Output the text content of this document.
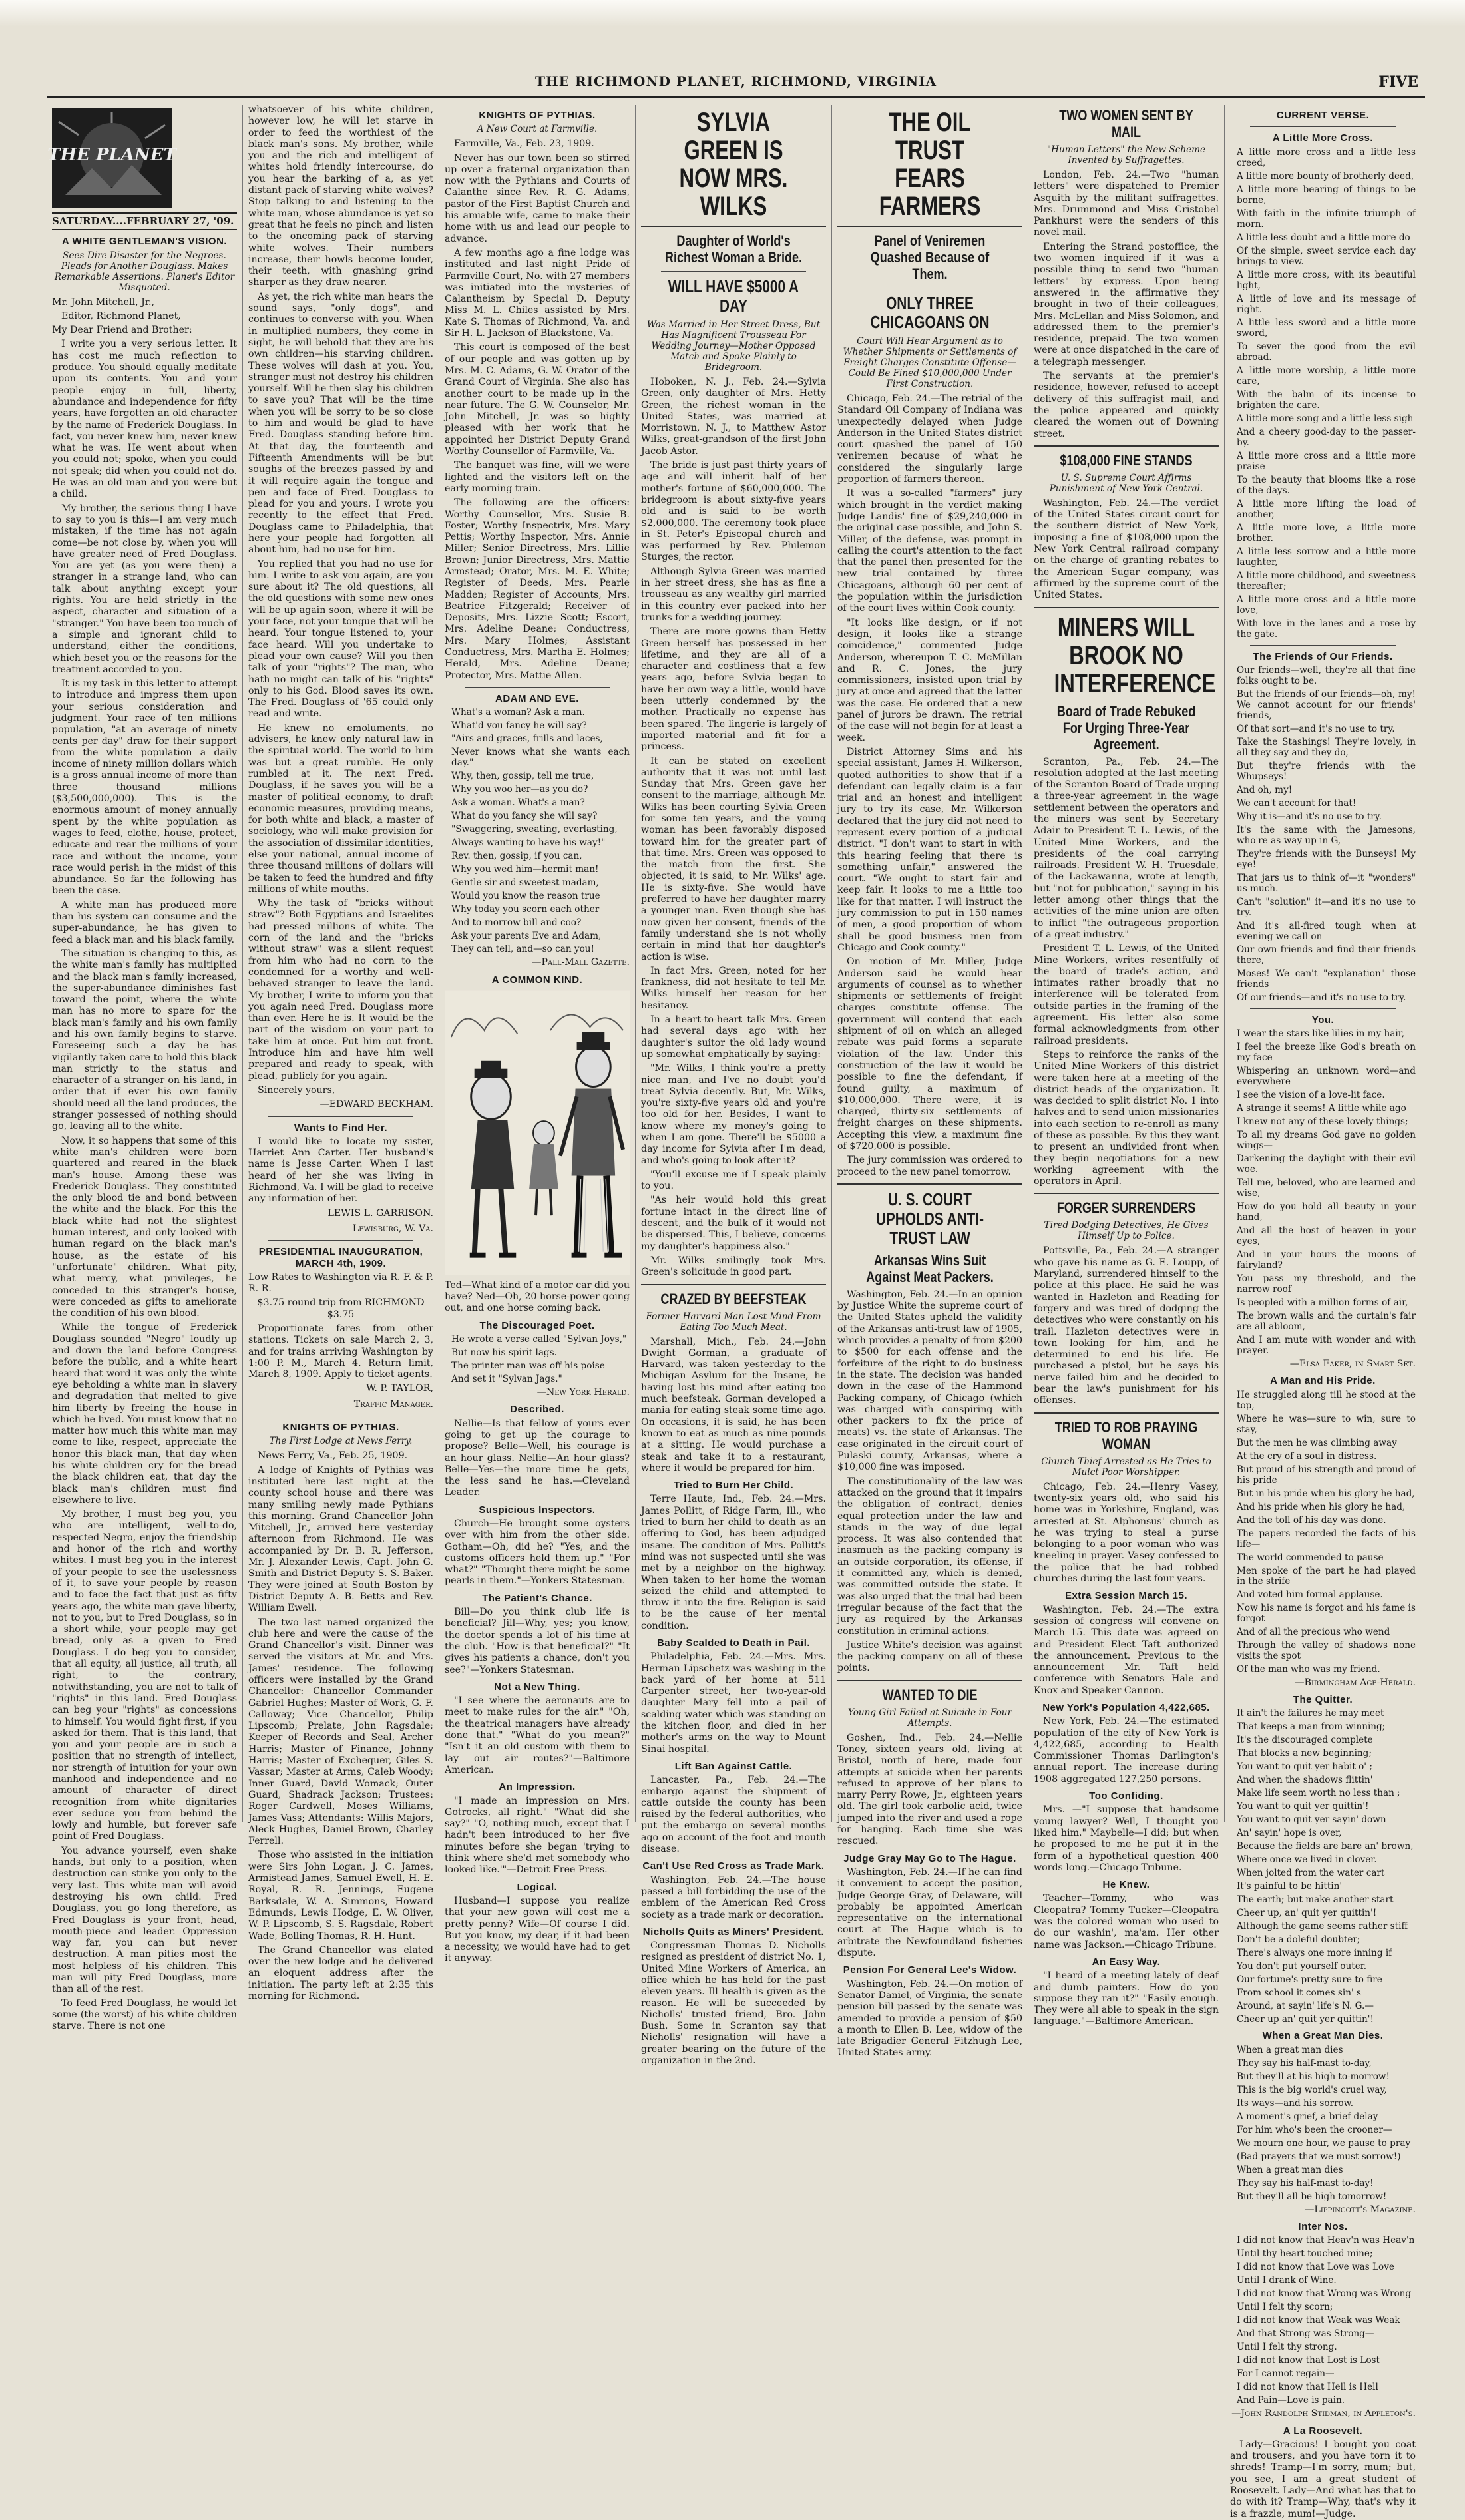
THE RICHMOND PLANET, RICHMOND, VIRGINIA	FIVE
THE PLANET
SATURDAY....FEBRUARY 27, '09.
A WHITE GENTLEMAN'S VISION.
Sees Dire Disaster for the Negroes. Pleads for Another Douglass. Makes Remarkable Assertions. Planet's Editor Misquoted.

Mr. John Mitchell, Jr.,

Editor, Richmond Planet,

My Dear Friend and Brother:

I write you a very serious letter. It has cost me much reflection to produce. You should equally meditate upon its contents. You and your people enjoy in full, liberty, abundance and independence for fifty years, have forgotten an old character by the name of Frederick Douglass. In fact, you never knew him, never knew what he was. He went about when you could not; spoke, when you could not speak; did when you could not do. He was an old man and you were but a child.

My brother, the serious thing I have to say to you is this—I am very much mistaken, if the time has not again come—be not close by, when you will have greater need of Fred Douglass. You are yet (as you were then) a stranger in a strange land, who can talk about anything except your rights. You are held strictly in the aspect, character and situation of a "stranger." You have been too much of a simple and ignorant child to understand, either the conditions, which beset you or the reasons for the treatment accorded to you.

It is my task in this letter to attempt to introduce and impress them upon your serious consideration and judgment. Your race of ten millions population, "at an average of ninety cents per day" draw for their support from the white population a daily income of ninety million dollars which is a gross annual income of more than three thousand millions ($3,500,000,000). This is the enormous amount of money annually spent by the white population as wages to feed, clothe, house, protect, educate and rear the millions of your race and without the income, your race would perish in the midst of this abundance. So far the following has been the case.

A white man has produced more than his system can consume and the super-abundance, he has given to feed a black man and his black family.

The situation is changing to this, as the white man's family has multiplied and the black man's family increased, the super-abundance diminishes fast toward the point, where the white man has no more to spare for the black man's family and his own family and his own family begins to starve. Foreseeing such a day he has vigilantly taken care to hold this black man strictly to the status and character of a stranger on his land, in order that if ever his own family should need all the land produces, the stranger possessed of nothing should go, leaving all to the white.

Now, it so happens that some of this white man's children were born quartered and reared in the black man's house. Among these was Frederick Douglass. They constituted the only blood tie and bond between the white and the black. For this the black white had not the slightest human interest, and only looked with human regard on the black man's house, as the estate of his "unfortunate" children. What pity, what mercy, what privileges, he conceded to this stranger's house, were conceded as gifts to ameliorate the condition of his own blood.

While the tongue of Frederick Douglass sounded "Negro" loudly up and down the land before Congress before the public, and a white heart heard that word it was only the white eye beholding a white man in slavery and degradation that melted to give him liberty by freeing the house in which he lived. You must know that no matter how much this white man may come to like, respect, appreciate the honor this black man, that day when his white children cry for the bread the black children eat, that day the black man's children must find elsewhere to live.

My brother, I must beg you, you who are intelligent, well-to-do, respected Negro, enjoy the friendship and honor of the rich and worthy whites. I must beg you in the interest of your people to see the uselessness of it, to save your people by reason and to face the fact that just as fifty years ago, the white man gave liberty, not to you, but to Fred Douglass, so in a short while, your people may get bread, only as a given to Fred Douglass. I do beg you to consider, that all equity, all justice, all truth, all right, to the contrary, notwithstanding, you are not to talk of "rights" in this land. Fred Douglass can beg your "rights" as concessions to himself. You would fight first, if you asked for them. That is this land, that you and your people are in such a position that no strength of intellect, nor strength of intuition for your own manhood and independence and no amount of character of direct recognition from white dignitaries ever seduce you from behind the lowly and humble, but forever safe point of Fred Douglass.

You advance yourself, even shake hands, but only to a position, when destruction can strike you only to the very last. This white man will avoid destroying his own child. Fred Douglass, you go long therefore, as Fred Douglass is your front, head, mouth-piece and leader. Oppression way far, you can but never destruction. A man pities most the most helpless of his children. This man will pity Fred Douglass, more than all of the rest.

To feed Fred Douglass, he would let some (the worst) of his white children starve. There is not one

whatsoever of his white children, however low, he will let starve in order to feed the worthiest of the black man's sons. My brother, while you and the rich and intelligent of whites hold friendly intercourse, do you hear the barking of a, as yet distant pack of starving white wolves? Stop talking to and listening to the white man, whose abundance is yet so great that he feels no pinch and listen to the oncoming pack of starving white wolves. Their numbers increase, their howls become louder, their teeth, with gnashing grind sharper as they draw nearer.

As yet, the rich white man hears the sound says, "only dogs", and continues to converse with you. When in multiplied numbers, they come in sight, he will behold that they are his own children—his starving children. These wolves will dash at you. You, stranger must not destroy his children yourself. Will he then slay his children to save you? That will be the time when you will be sorry to be so close to him and would be glad to have Fred. Douglass standing before him. At that day, the fourteenth and Fifteenth Amendments will be but soughs of the breezes passed by and it will require again the tongue and pen and face of Fred. Douglass to plead for you and yours. I wrote you recently to the effect that Fred. Douglass came to Philadelphia, that here your people had forgotten all about him, had no use for him.

You replied that you had no use for him. I write to ask you again, are you sure about it? The old questions, all the old questions with some new ones will be up again soon, where it will be your face, not your tongue that will be heard. Your tongue listened to, your face heard. Will you undertake to plead your own cause? Will you then talk of your "rights"? The man, who hath no might can talk of his "rights" only to his God. Blood saves its own. The Fred. Douglass of '65 could only read and write.

He knew no emoluments, no advisers, he knew only natural law in the spiritual world. The world to him was but a great rumble. He only rumbled at it. The next Fred. Douglass, if he saves you will be a master of political economy, to draft economic measures, providing means, for both white and black, a master of sociology, who will make provision for the association of dissimilar identities, else your national, annual income of three thousand millions of dollars will be taken to feed the hundred and fifty millions of white mouths.

Why the task of "bricks without straw"? Both Egyptians and Israelites had pressed millions of white. The corn of the land and the "bricks without straw" was a silent request from him who had no corn to the condemned for a worthy and well-behaved stranger to leave the land. My brother, I write to inform you that you again need Fred. Douglass more than ever. Here he is. It would be the part of the wisdom on your part to take him at once. Put him out front. Introduce him and have him well prepared and ready to speak, with plead, publicly for you again.

Sincerely yours,

—EDWARD BECKHAM.
Wants to Find Her.

I would like to locate my sister, Harriet Ann Carter. Her husband's name is Jesse Carter. When I last heard of her she was living in Richmond, Va. I will be glad to receive any information of her.

LEWIS L. GARRISON.
Lewisburg, W. Va.
PRESIDENTIAL INAUGURATION, MARCH 4th, 1909.

Low Rates to Washington via R. F. & P. R. R.

$3.75 round trip from RICHMOND $3.75

Proportionate fares from other stations. Tickets on sale March 2, 3, and for trains arriving Washington by 1:00 P. M., March 4. Return limit, March 8, 1909. Apply to ticket agents.

W. P. TAYLOR,
Traffic Manager.
KNIGHTS OF PYTHIAS.
The First Lodge at News Ferry.

News Ferry, Va., Feb. 25, 1909.

A lodge of Knights of Pythias was instituted here last night at the county school house and there was many smiling newly made Pythians this morning. Grand Chancellor John Mitchell, Jr., arrived here yesterday afternoon from Richmond. He was accompanied by Dr. B. R. Jefferson, Mr. J. Alexander Lewis, Capt. John G. Smith and District Deputy S. S. Baker. They were joined at South Boston by District Deputy A. B. Betts and Rev. William Ewell.

The two last named organized the club here and were the cause of the Grand Chancellor's visit. Dinner was served the visitors at Mr. and Mrs. James' residence. The following officers were installed by the Grand Chancellor: Chancellor Commander Gabriel Hughes; Master of Work, G. F. Calloway; Vice Chancellor, Philip Lipscomb; Prelate, John Ragsdale; Keeper of Records and Seal, Archer Harris; Master of Finance, Johnny Harris; Master of Exchequer, Giles S. Vassar; Master at Arms, Caleb Woody; Inner Guard, David Womack; Outer Guard, Shadrack Jackson; Trustees: Roger Cardwell, Moses Williams, James Vass; Attendants: Willis Majors, Aleck Hughes, Daniel Brown, Charley Ferrell.

Those who assisted in the initiation were Sirs John Logan, J. C. James, Armistead James, Samuel Ewell, H. E. Royal, R. R. Jennings, Eugene Barksdale, W. A. Simmons, Howard Edmunds, Lewis Hodge, E. W. Oliver, W. P. Lipscomb, S. S. Ragsdale, Robert Wade, Bolling Thomas, R. H. Hunt.

The Grand Chancellor was elated over the new lodge and he delivered an eloquent address after the initiation. The party left at 2:35 this morning for Richmond.

KNIGHTS OF PYTHIAS.
A New Court at Farmville.

Farmville, Va., Feb. 23, 1909.

Never has our town been so stirred up over a fraternal organization than now with the Pythians and Courts of Calanthe since Rev. R. G. Adams, pastor of the First Baptist Church and his amiable wife, came to make their home with us and lead our people to advance.

A few months ago a fine lodge was instituted and last night Pride of Farmville Court, No. with 27 members was initiated into the mysteries of Calantheism by Special D. Deputy Miss M. L. Chiles assisted by Mrs. Kate S. Thomas of Richmond, Va. and Sir H. L. Jackson of Blackstone, Va.

This court is composed of the best of our people and was gotten up by Mrs. M. C. Adams, G. W. Orator of the Grand Court of Virginia. She also has another court to be made up in the near future. The G. W. Counselor, Mr. John Mitchell, Jr. was so highly pleased with her work that he appointed her District Deputy Grand Worthy Counsellor of Farmville, Va.

The banquet was fine, will we were lighted and the visitors left on the early morning train.

The following are the officers: Worthy Counsellor, Mrs. Susie B. Foster; Worthy Inspectrix, Mrs. Mary Pettis; Worthy Inspector, Mrs. Annie Miller; Senior Directress, Mrs. Lillie Brown; Junior Directress, Mrs. Mattie Armstead; Orator, Mrs. M. E. White; Register of Deeds, Mrs. Pearle Madden; Register of Accounts, Mrs. Beatrice Fitzgerald; Receiver of Deposits, Mrs. Lizzie Scott; Escort, Mrs. Adeline Deane; Conductress, Mrs. Mary Holmes; Assistant Conductress, Mrs. Martha E. Holmes; Herald, Mrs. Adeline Deane; Protector, Mrs. Mattie Allen.

ADAM AND EVE.

What's a woman? Ask a man.

What'd you fancy he will say?

"Airs and graces, frills and laces,

Never knows what she wants each day."

Why, then, gossip, tell me true,

Why you woo her—as you do?

Ask a woman. What's a man?

What do you fancy she will say?

"Swaggering, sweating, everlasting,

Always wanting to have his way!"

Rev. then, gossip, if you can,

Why you wed him—hermit man!

Gentle sir and sweetest madam,

Would you know the reason true

Why today you scorn each other

And to-morrow bill and coo?

Ask your parents Eve and Adam,

They can tell, and—so can you!

—Pall-Mall Gazette.
A COMMON KIND.

Ted—What kind of a motor car did you have? Ned—Oh, 20 horse-power going out, and one horse coming back.

The Discouraged Poet.

He wrote a verse called "Sylvan Joys,"

But now his spirit lags.

The printer man was off his poise

And set it "Sylvan Jags."

—New York Herald.
Described.

Nellie—Is that fellow of yours ever going to get up the courage to propose? Belle—Well, his courage is an hour glass. Nellie—An hour glass? Belle—Yes—the more time he gets, the less sand he has.—Cleveland Leader.

Suspicious Inspectors.

Church—He brought some oysters over with him from the other side. Gotham—Oh, did he? "Yes, and the customs officers held them up." "For what?" "Thought there might be some pearls in them."—Yonkers Statesman.

The Patient's Chance.

Bill—Do you think club life is beneficial? Jill—Why, yes; you know, the doctor spends a lot of his time at the club. "How is that beneficial?" "It gives his patients a chance, don't you see?"—Yonkers Statesman.

Not a New Thing.

"I see where the aeronauts are to meet to make rules for the air." "Oh, the theatrical managers have already done that." "What do you mean?" "Isn't it an old custom with them to lay out air routes?"—Baltimore American.

An Impression.

"I made an impression on Mrs. Gotrocks, all right." "What did she say?" "O, nothing much, except that I hadn't been introduced to her five minutes before she began 'trying to think where she'd met somebody who looked like.'"—Detroit Free Press.

Logical.

Husband—I suppose you realize that your new gown will cost me a pretty penny? Wife—Of course I did. But you know, my dear, if it had been a necessity, we would have had to get it anyway.

SYLVIA GREEN IS NOW MRS. WILKS
Daughter of World's Richest Woman a Bride.
WILL HAVE $5000 A DAY
Was Married in Her Street Dress, But Has Magnificent Trousseau For Wedding Journey—Mother Opposed Match and Spoke Plainly to Bridegroom.

Hoboken, N. J., Feb. 24.—Sylvia Green, only daughter of Mrs. Hetty Green, the richest woman in the United States, was married at Morristown, N. J., to Matthew Astor Wilks, great-grandson of the first John Jacob Astor.

The bride is just past thirty years of age and will inherit half of her mother's fortune of $60,000,000. The bridegroom is about sixty-five years old and is said to be worth $2,000,000. The ceremony took place in St. Peter's Episcopal church and was performed by Rev. Philemon Sturges, the rector.

Although Sylvia Green was married in her street dress, she has as fine a trousseau as any wealthy girl married in this country ever packed into her trunks for a wedding journey.

There are more gowns than Hetty Green herself has possessed in her lifetime, and they are all of a character and costliness that a few years ago, before Sylvia began to have her own way a little, would have been utterly condemned by the mother. Practically no expense has been spared. The lingerie is largely of imported material and fit for a princess.

It can be stated on excellent authority that it was not until last Sunday that Mrs. Green gave her consent to the marriage, although Mr. Wilks has been courting Sylvia Green for some ten years, and the young woman has been favorably disposed toward him for the greater part of that time. Mrs. Green was opposed to the match from the first. She objected, it is said, to Mr. Wilks' age. He is sixty-five. She would have preferred to have her daughter marry a younger man. Even though she has now given her consent, friends of the family understand she is not wholly certain in mind that her daughter's action is wise.

In fact Mrs. Green, noted for her frankness, did not hesitate to tell Mr. Wilks himself her reason for her hesitancy.

In a heart-to-heart talk Mrs. Green had several days ago with her daughter's suitor the old lady wound up somewhat emphatically by saying:

"Mr. Wilks, I think you're a pretty nice man, and I've no doubt you'd treat Sylvia decently. But, Mr. Wilks, you're sixty-five years old and you're too old for her. Besides, I want to know where my money's going to when I am gone. There'll be $5000 a day income for Sylvia after I'm dead, and who's going to look after it?

"You'll excuse me if I speak plainly to you.

"As heir would hold this great fortune intact in the direct line of descent, and the bulk of it would not be dispersed. This, I believe, concerns my daughter's happiness also."

Mr. Wilks smilingly took Mrs. Green's solicitude in good part.

CRAZED BY BEEFSTEAK
Former Harvard Man Lost Mind From Eating Too Much Meat.

Marshall, Mich., Feb. 24.—John Dwight Gorman, a graduate of Harvard, was taken yesterday to the Michigan Asylum for the Insane, he having lost his mind after eating too much beefsteak. Gorman developed a mania for eating steak some time ago. On occasions, it is said, he has been known to eat as much as nine pounds at a sitting. He would purchase a steak and take it to a restaurant, where it would be prepared for him.

Tried to Burn Her Child.

Terre Haute, Ind., Feb. 24.—Mrs. James Pollitt, of Ridge Farm, Ill., who tried to burn her child to death as an offering to God, has been adjudged insane. The condition of Mrs. Pollitt's mind was not suspected until she was met by a neighbor on the highway. When taken to her home the woman seized the child and attempted to throw it into the fire. Religion is said to be the cause of her mental condition.

Baby Scalded to Death in Pail.

Philadelphia, Feb. 24.—Mrs. Mrs. Herman Lipschetz was washing in the back yard of her home at 511 Carpenter street, her two-year-old daughter Mary fell into a pail of scalding water which was standing on the kitchen floor, and died in her mother's arms on the way to Mount Sinai hospital.

Lift Ban Against Cattle.

Lancaster, Pa., Feb. 24.—The embargo against the shipment of cattle outside the county has been raised by the federal authorities, who put the embargo on several months ago on account of the foot and mouth disease.

Can't Use Red Cross as Trade Mark.

Washington, Feb. 24.—The house passed a bill forbidding the use of the emblem of the American Red Cross society as a trade mark or decoration.

Nicholls Quits as Miners' President.

Congressman Thomas D. Nicholls resigned as president of district No. 1, United Mine Workers of America, an office which he has held for the past eleven years. Ill health is given as the reason. He will be succeeded by Nicholls' trusted friend, Bro. John Bush. Some in Scranton say that Nicholls' resignation will have a greater bearing on the future of the organization in the 2nd.

THE OIL TRUST FEARS FARMERS
Panel of Veniremen Quashed Because of Them.
ONLY THREE CHICAGOANS ON
Court Will Hear Argument as to Whether Shipments or Settlements of Freight Charges Constitute Offense—Could Be Fined $10,000,000 Under First Construction.

Chicago, Feb. 24.—The retrial of the Standard Oil Company of Indiana was unexpectedly delayed when Judge Anderson in the United States district court quashed the panel of 150 veniremen because of what he considered the singularly large proportion of farmers thereon.

It was a so-called "farmers" jury which brought in the verdict making Judge Landis' fine of $29,240,000 in the original case possible, and John S. Miller, of the defense, was prompt in calling the court's attention to the fact that the panel then presented for the new trial contained by three Chicagoans, although 60 per cent of the population within the jurisdiction of the court lives within Cook county.

"It looks like design, or if not design, it looks like a strange coincidence," commented Judge Anderson, whereupon T. C. McMillan and R. C. Jones, the jury commissioners, insisted upon trial by jury at once and agreed that the latter was the case. He ordered that a new panel of jurors be drawn. The retrial of the case will not begin for at least a week.

District Attorney Sims and his special assistant, James H. Wilkerson, quoted authorities to show that if a defendant can legally claim is a fair trial and an honest and intelligent jury to try its case, Mr. Wilkerson declared that the jury did not need to represent every portion of a judicial district. "I don't want to start in with this hearing feeling that there is something unfair," answered the court. "We ought to start fair and keep fair. It looks to me a little too like for that matter. I will instruct the jury commission to put in 150 names of men, a good proportion of whom shall be good business men from Chicago and Cook county."

On motion of Mr. Miller, Judge Anderson said he would hear arguments of counsel as to whether shipments or settlements of freight charges constitute offense. The government will contend that each shipment of oil on which an alleged rebate was paid forms a separate violation of the law. Under this construction of the law it would be possible to fine the defendant, if found guilty, a maximum of $10,000,000. There were, it is charged, thirty-six settlements of freight charges on these shipments. Accepting this view, a maximum fine of $720,000 is possible.

The jury commission was ordered to proceed to the new panel tomorrow.

U. S. COURT UPHOLDS ANTI-TRUST LAW
Arkansas Wins Suit Against Meat Packers.

Washington, Feb. 24.—In an opinion by Justice White the supreme court of the United States upheld the validity of the Arkansas anti-trust law of 1905, which provides a penalty of from $200 to $500 for each offense and the forfeiture of the right to do business in the state. The decision was handed down in the case of the Hammond Packing company, of Chicago (which was charged with conspiring with other packers to fix the price of meats) vs. the state of Arkansas. The case originated in the circuit court of Pulaski county, Arkansas, where a $10,000 fine was imposed.

The constitutionality of the law was attacked on the ground that it impairs the obligation of contract, denies equal protection under the law and stands in the way of due legal process. It was also contended that inasmuch as the packing company is an outside corporation, its offense, if it committed any, which is denied, was committed outside the state. It was also urged that the trial had been irregular because of the fact that the jury as required by the Arkansas constitution in criminal actions.

Justice White's decision was against the packing company on all of these points.

WANTED TO DIE
Young Girl Failed at Suicide in Four Attempts.

Goshen, Ind., Feb. 24.—Nellie Toney, sixteen years old, living at Bristol, north of here, made four attempts at suicide when her parents refused to approve of her plans to marry Perry Rowe, Jr., eighteen years old. The girl took carbolic acid, twice jumped into the river and used a rope for hanging. Each time she was rescued.

Judge Gray May Go to The Hague.

Washington, Feb. 24.—If he can find it convenient to accept the position, Judge George Gray, of Delaware, will probably be appointed American representative on the international court at The Hague which is to arbitrate the Newfoundland fisheries dispute.

Pension For General Lee's Widow.

Washington, Feb. 24.—On motion of Senator Daniel, of Virginia, the senate pension bill passed by the senate was amended to provide a pension of $50 a month to Ellen B. Lee, widow of the late Brigadier General Fitzhugh Lee, United States army.

TWO WOMEN SENT BY MAIL
"Human Letters" the New Scheme Invented by Suffragettes.

London, Feb. 24.—Two "human letters" were dispatched to Premier Asquith by the militant suffragettes. Mrs. Drummond and Miss Cristobel Pankhurst were the senders of this novel mail.

Entering the Strand postoffice, the two women inquired if it was a possible thing to send two "human letters" by express. Upon being answered in the affirmative they brought in two of their colleagues, Mrs. McLellan and Miss Solomon, and addressed them to the premier's residence, prepaid. The two women were at once dispatched in the care of a telegraph messenger.

The servants at the premier's residence, however, refused to accept delivery of this suffragist mail, and the police appeared and quickly cleared the women out of Downing street.

$108,000 FINE STANDS
U. S. Supreme Court Affirms Punishment of New York Central.

Washington, Feb. 24.—The verdict of the United States circuit court for the southern district of New York, imposing a fine of $108,000 upon the New York Central railroad company on the charge of granting rebates to the American Sugar company, was affirmed by the supreme court of the United States.

MINERS WILL BROOK NO INTERFERENCE
Board of Trade Rebuked For Urging Three-Year Agreement.

Scranton, Pa., Feb. 24.—The resolution adopted at the last meeting of the Scranton Board of Trade urging a three-year agreement in the wage settlement between the operators and the miners was sent by Secretary Adair to President T. L. Lewis, of the United Mine Workers, and the presidents of the coal carrying railroads. President W. H. Truesdale, of the Lackawanna, wrote at length, but "not for publication," saying in his letter among other things that the activities of the mine union are often to inflict "the outrageous proportion of a great industry."

President T. L. Lewis, of the United Mine Workers, writes resentfully of the board of trade's action, and intimates rather broadly that no interference will be tolerated from outside parties in the framing of the agreement. His letter also some formal acknowledgments from other railroad presidents.

Steps to reinforce the ranks of the United Mine Workers of this district were taken here at a meeting of the district heads of the organization. It was decided to split district No. 1 into halves and to send union missionaries into each section to re-enroll as many of these as possible. By this they want to present an undivided front when they begin negotiations for a new working agreement with the operators in April.

FORGER SURRENDERS
Tired Dodging Detectives, He Gives Himself Up to Police.

Pottsville, Pa., Feb. 24.—A stranger who gave his name as G. E. Loupp, of Maryland, surrendered himself to the police at this place. He said he was wanted in Hazleton and Reading for forgery and was tired of dodging the detectives who were constantly on his trail. Hazleton detectives were in town looking for him, and he determined to end his life. He purchased a pistol, but he says his nerve failed him and he decided to bear the law's punishment for his offenses.

TRIED TO ROB PRAYING WOMAN
Church Thief Arrested as He Tries to Mulct Poor Worshipper.

Chicago, Feb. 24.—Henry Vasey, twenty-six years old, who said his home was in Yorkshire, England, was arrested at St. Alphonsus' church as he was trying to steal a purse belonging to a poor woman who was kneeling in prayer. Vasey confessed to the police that he had robbed churches during the last four years.

Extra Session March 15.

Washington, Feb. 24.—The extra session of congress will convene on March 15. This date was agreed on and President Elect Taft authorized the announcement. Previous to the announcement Mr. Taft held conference with Senators Hale and Knox and Speaker Cannon.

New York's Population 4,422,685.

New York, Feb. 24.—The estimated population of the city of New York is 4,422,685, according to Health Commissioner Thomas Darlington's annual report. The increase during 1908 aggregated 127,250 persons.

Too Confiding.

Mrs. —"I suppose that handsome young lawyer? Well, I thought you liked him." Maybelle—I did; but when he proposed to me he put it in the form of a hypothetical question 400 words long.—Chicago Tribune.

He Knew.

Teacher—Tommy, who was Cleopatra? Tommy Tucker—Cleopatra was the colored woman who used to do our washin', ma'am. Her other name was Jackson.—Chicago Tribune.

An Easy Way.

"I heard of a meeting lately of deaf and dumb painters. How do you suppose they ran it?" "Easily enough. They were all able to speak in the sign language."—Baltimore American.

CURRENT VERSE.
A Little More Cross.

A little more cross and a little less creed,

A little more bounty of brotherly deed,

A little more bearing of things to be borne,

With faith in the infinite triumph of morn.

A little less doubt and a little more do

Of the simple, sweet service each day brings to view.

A little more cross, with its beautiful light,

A little of love and its message of right.

A little less sword and a little more sword,

To sever the good from the evil abroad.

A little more worship, a little more care,

With the balm of its incense to brighten the care.

A little more song and a little less sigh

And a cheery good-day to the passer-by.

A little more cross and a little more praise

To the beauty that blooms like a rose of the days.

A little more lifting the load of another,

A little more love, a little more brother.

A little less sorrow and a little more laughter,

A little more childhood, and sweetness thereafter;

A little more cross and a little more love,

With love in the lanes and a rose by the gate.

The Friends of Our Friends.

Our friends—well, they're all that fine folks ought to be.

But the friends of our friends—oh, my! We cannot account for our friends' friends,

Of that sort—and it's no use to try.

Take the Stashings! They're lovely, in all they say and they do,

But they're friends with the Whupseys!

And oh, my!

We can't account for that!

Why it is—and it's no use to try.

It's the same with the Jamesons, who're as way up in G,

They're friends with the Bunseys! My eye!

That jars us to think of—it "wonders" us much.

Can't "solution" it—and it's no use to try.

And it's all-fired tough when at evening we call on

Our own friends and find their friends there,

Moses! We can't "explanation" those friends

Of our friends—and it's no use to try.

You.

I wear the stars like lilies in my hair,

I feel the breeze like God's breath on my face

Whispering an unknown word—and everywhere

I see the vision of a love-lit face.

A strange it seems! A little while ago

I knew not any of these lovely things;

To all my dreams God gave no golden wings—

Darkening the daylight with their evil woe.

Tell me, beloved, who are learned and wise,

How do you hold all beauty in your hand,

And all the host of heaven in your eyes,

And in your hours the moons of fairyland?

You pass my threshold, and the narrow roof

Is peopled with a million forms of air,

The brown walls and the curtain's fair are all abloom,

And I am mute with wonder and with prayer.

—Elsa Faker, in Smart Set.
A Man and His Pride.

He struggled along till he stood at the top,

Where he was—sure to win, sure to stay,

But the men he was climbing away

At the cry of a soul in distress.

But proud of his strength and proud of his pride

But in his pride when his glory he had,

And his pride when his glory he had,

And the toll of his day was done.

The papers recorded the facts of his life—

The world commended to pause

Men spoke of the part he had played in the strife

And voted him formal applause.

Now his name is forgot and his fame is forgot

And of all the precious who wend

Through the valley of shadows none visits the spot

Of the man who was my friend.

—Birmingham Age-Herald.
The Quitter.

It ain't the failures he may meet

That keeps a man from winning;

It's the discouraged complete

That blocks a new beginning;

You want to quit yer habit o' ;

And when the shadows flittin'

Make life seem worth no less than ;

You want to quit yer quittin'!

You want to quit yer sayin' down

An' sayin' hope is over,

Because the fields are bare an' brown,

Where once we lived in clover.

When jolted from the water cart

It's painful to be hittin'

The earth; but make another start

Cheer up, an' quit yer quittin'!

Although the game seems rather stiff

Don't be a doleful doubter;

There's always one more inning if

You don't put yourself outer.

Our fortune's pretty sure to fire

From school it comes sin' s

Around, at sayin' life's N. G.—

Cheer up an' quit yer quittin'!

When a Great Man Dies.

When a great man dies

They say his half-mast to-day,

But they'll at his high to-morrow!

This is the big world's cruel way,

Its ways—and his sorrow.

A moment's grief, a brief delay

For him who's been the crooner—

We mourn one hour, we pause to pray

(Bad prayers that we must sorrow!)

When a great man dies

They say his half-mast to-day!

But they'll all be high tomorrow!

—Lippincott's Magazine.
Inter Nos.

I did not know that Heav'n was Heav'n

Until thy heart touched mine;

I did not know that Love was Love

Until I drank of Wine.

I did not know that Wrong was Wrong

Until I felt thy scorn;

I did not know that Weak was Weak

And that Strong was Strong—

Until I felt thy strong.

I did not know that Lost is Lost

For I cannot regain—

I did not know that Hell is Hell

And Pain—Love is pain.

—John Randolph Stidman, in Appleton's.
A La Roosevelt.

Lady—Gracious! I bought you coat and trousers, and you have torn it to shreds! Tramp—I'm sorry, mum; but, you see, I am a great student of Roosevelt. Lady—And what has that to do with it? Tramp—Why, that's why it is a frazzle, mum!—Judge.
